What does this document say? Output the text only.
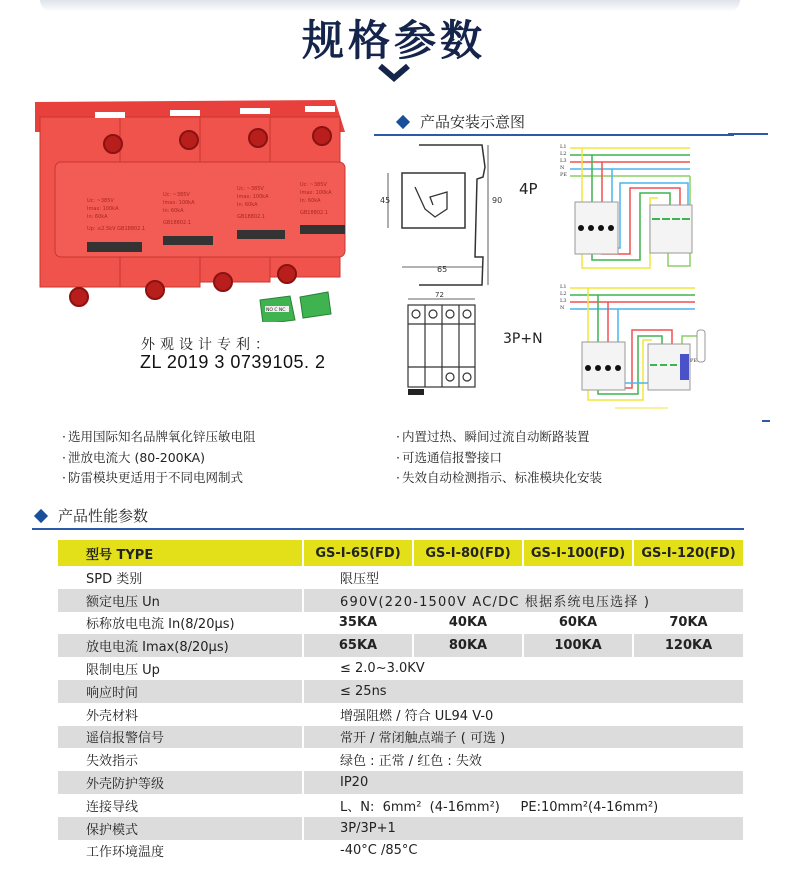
规格参数
Uc: ~385V
Imax: 100kA
In: 60kA
Up: ≤2.5kV GB18802.1
Uc: ~385V
Imax: 100kA
In: 60kA
GB18802.1
Uc: ~385V
Imax: 100kA
In: 60kA
GB18802.1
Uc: ~385V
Imax: 100kA
In: 60kA
GB18802.1
NO C NC
外观设计专利：
ZL 2019 3 0739105. 2
产品安装示意图
45	90
65
72
4P
3P+N
L1
L2
L3
N
PE
L1
L2
L3
N
PE
· 选用国际知名品牌氧化锌压敏电阻
· 泄放电流大 (80-200KA)
· 防雷模块更适用于不同电网制式
· 内置过热、瞬间过流自动断路装置
· 可选通信报警接口
· 失效自动检测指示、标准模块化安装
产品性能参数
型号 TYPE	GS-I-65(FD)	GS-I-80(FD)	GS-I-100(FD)	GS-I-120(FD)
SPD 类别	限压型			
额定电压 Un	690V(220-1500V AC/DC 根据系统电压选择 )			
标称放电电流 In(8/20μs)	35KA	40KA	60KA	70KA
放电电流 Imax(8/20μs)	65KA	80KA	100KA	120KA
限制电压 Up	≤ 2.0~3.0KV			
响应时间	≤ 25ns			
外壳材料	增强阻燃 / 符合 UL94 V-0			
遥信报警信号	常开 / 常闭触点端子 ( 可选 )			
失效指示	绿色 : 正常 / 红色 : 失效			
外壳防护等级	IP20			
连接导线	L、N:  6mm²  (4-16mm²)     PE:10mm²(4-16mm²)			
保护模式	3P/3P+1			
工作环境温度	-40°C /85°C			
